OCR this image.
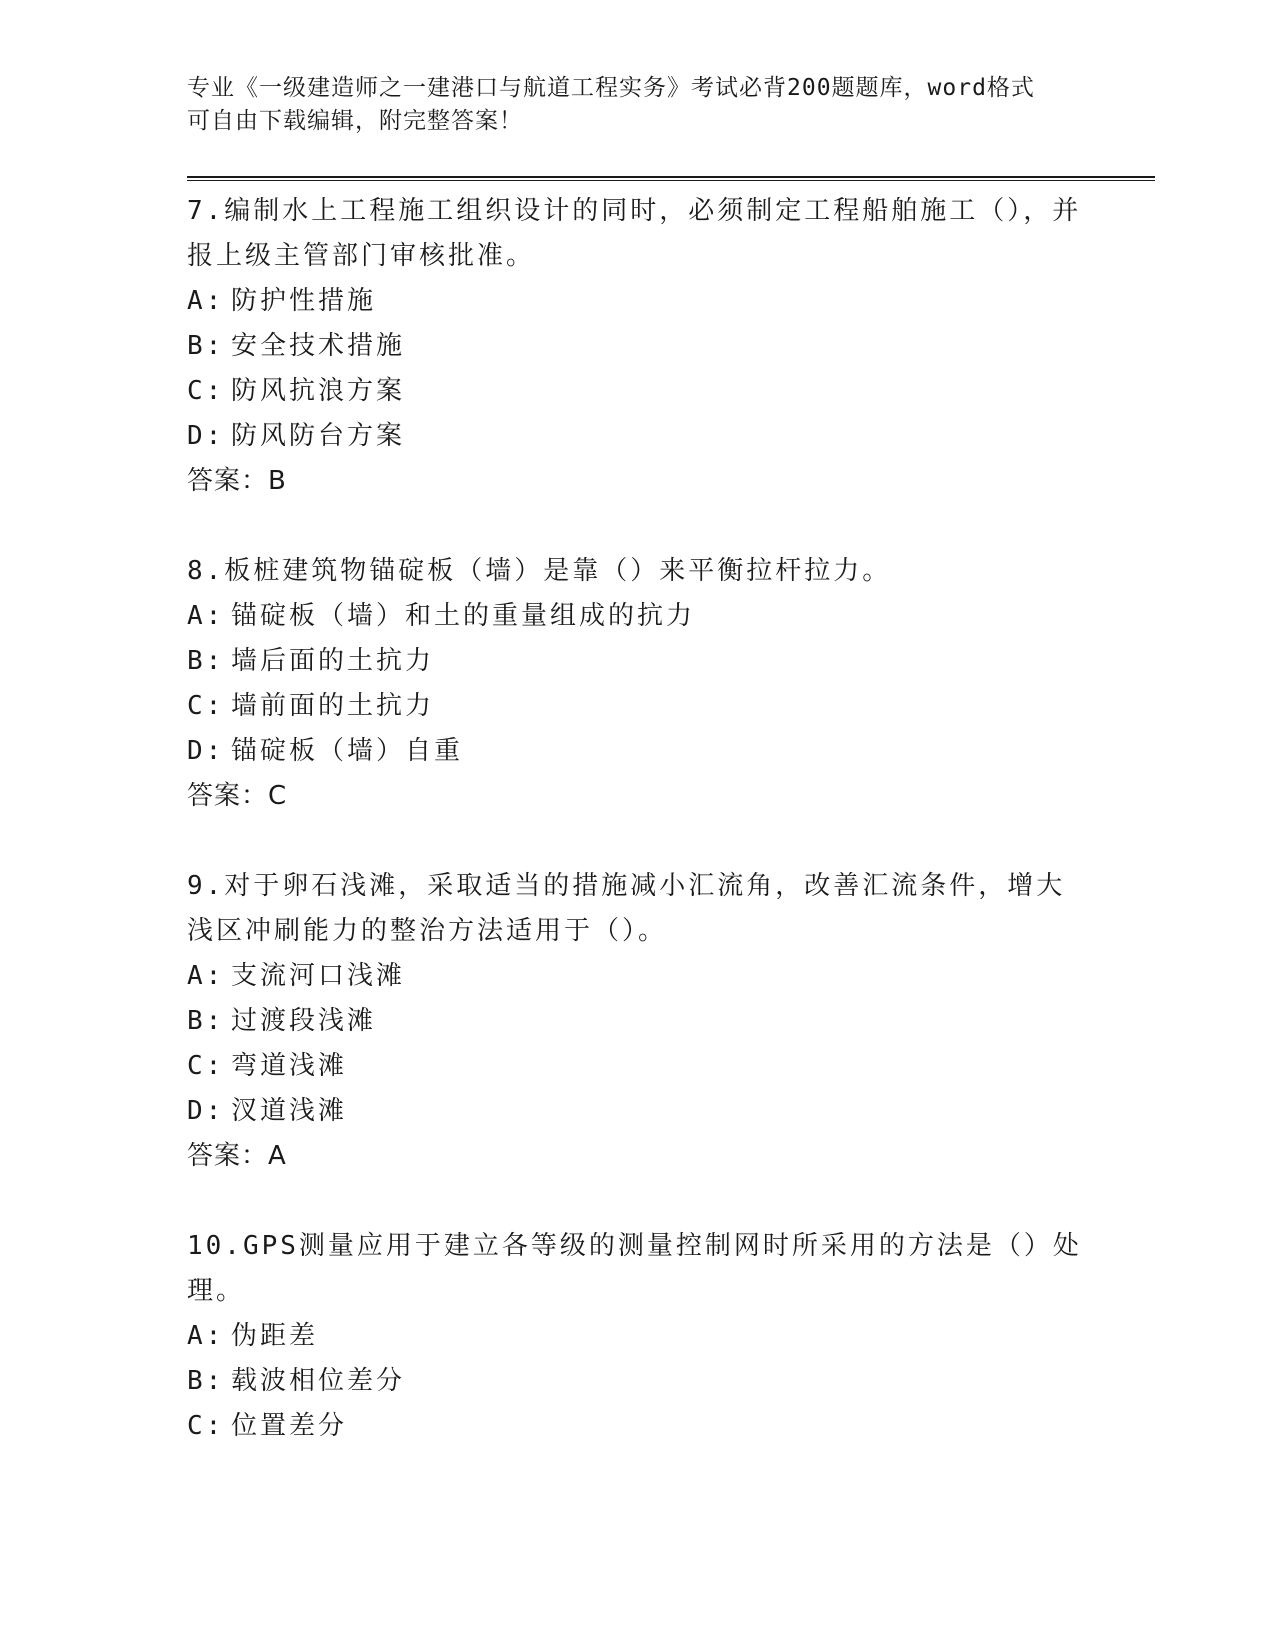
专业《一级建造师之一建港口与航道工程实务》考试必背200题题库，word格式
可自由下载编辑，附完整答案！
7.编制水上工程施工组织设计的同时，必须制定工程船舶施工（），并报上级主管部门审核批准。
A: 防护性措施
B: 安全技术措施
C: 防风抗浪方案
D: 防风防台方案
答案：B
8.板桩建筑物锚碇板（墙）是靠（）来平衡拉杆拉力。
A: 锚碇板（墙）和土的重量组成的抗力
B: 墙后面的土抗力
C: 墙前面的土抗力
D: 锚碇板（墙）自重
答案：C
9.对于卵石浅滩，采取适当的措施减小汇流角，改善汇流条件，增大浅区冲刷能力的整治方法适用于（）。
A: 支流河口浅滩
B: 过渡段浅滩
C: 弯道浅滩
D: 汊道浅滩
答案：A
10.GPS测量应用于建立各等级的测量控制网时所采用的方法是（）处理。
A: 伪距差
B: 载波相位差分
C: 位置差分
